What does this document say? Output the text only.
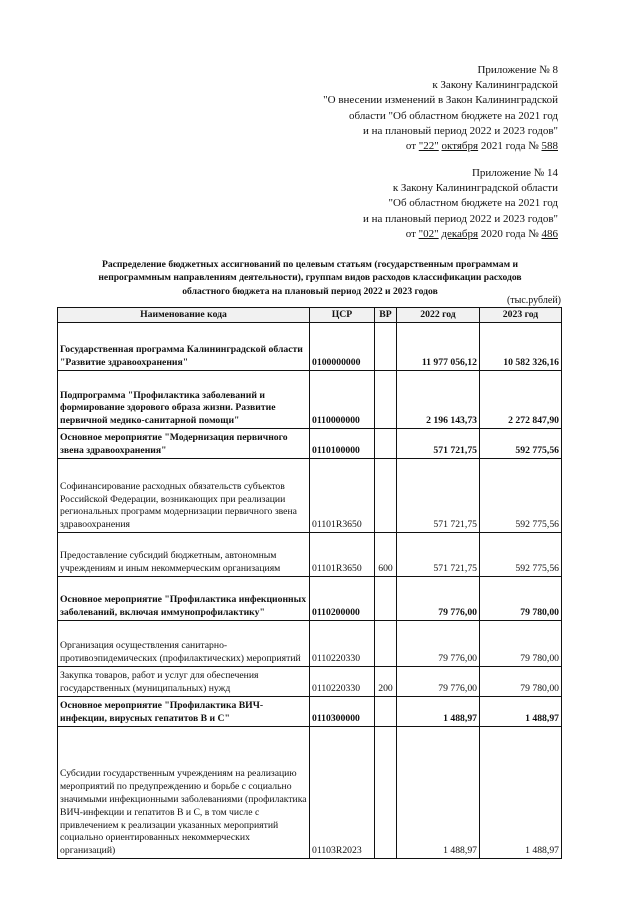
Приложение № 8
к Закону Калининградской
"О внесении изменений в Закон Калининградской
области "Об областном бюджете на 2021 год
и на плановый период 2022 и 2023 годов"
от "22" октября 2021 года № 588
Приложение № 14
к Закону Калининградской области
"Об областном бюджете на 2021 год
и на плановый период 2022 и 2023 годов"
от "02" декабря 2020 года № 486
Распределение бюджетных ассигнований по целевым статьям (государственным программам и
непрограммным направлениям деятельности), группам видов расходов классификации расходов
областного бюджета на плановый период 2022 и 2023 годов
(тыс.рублей)
Наименование кода	ЦСР	ВР	2022 год	2023 год
Государственная программа Калининградской области "Развитие здравоохранения"	0100000000		11 977 056,12	10 582 326,16
Подпрограмма "Профилактика заболеваний и формирование здорового образа жизни. Развитие первичной медико-санитарной помощи"	0110000000		2 196 143,73	2 272 847,90
Основное мероприятие "Модернизация первичного звена здравоохранения"	0110100000		571 721,75	592 775,56
Софинансирование расходных обязательств субъектов Российской Федерации, возникающих при реализации региональных программ модернизации первичного звена здравоохранения	01101R3650		571 721,75	592 775,56
Предоставление субсидий бюджетным, автономным учреждениям и иным некоммерческим организациям	01101R3650	600	571 721,75	592 775,56
Основное мероприятие "Профилактика инфекционных заболеваний, включая иммунопрофилактику"	0110200000		79 776,00	79 780,00
Организация осуществления санитарно-противоэпидемических (профилактических) мероприятий	0110220330		79 776,00	79 780,00
Закупка товаров, работ и услуг для обеспечения государственных (муниципальных) нужд	0110220330	200	79 776,00	79 780,00
Основное мероприятие "Профилактика ВИЧ-инфекции, вирусных гепатитов В и С"	0110300000		1 488,97	1 488,97
Субсидии государственным учреждениям на реализацию мероприятий по предупреждению и борьбе с социально значимыми инфекционными заболеваниями (профилактика ВИЧ-инфекции и гепатитов В и С, в том числе с привлечением к реализации указанных мероприятий социально ориентированных некоммерческих организаций)	01103R2023		1 488,97	1 488,97
